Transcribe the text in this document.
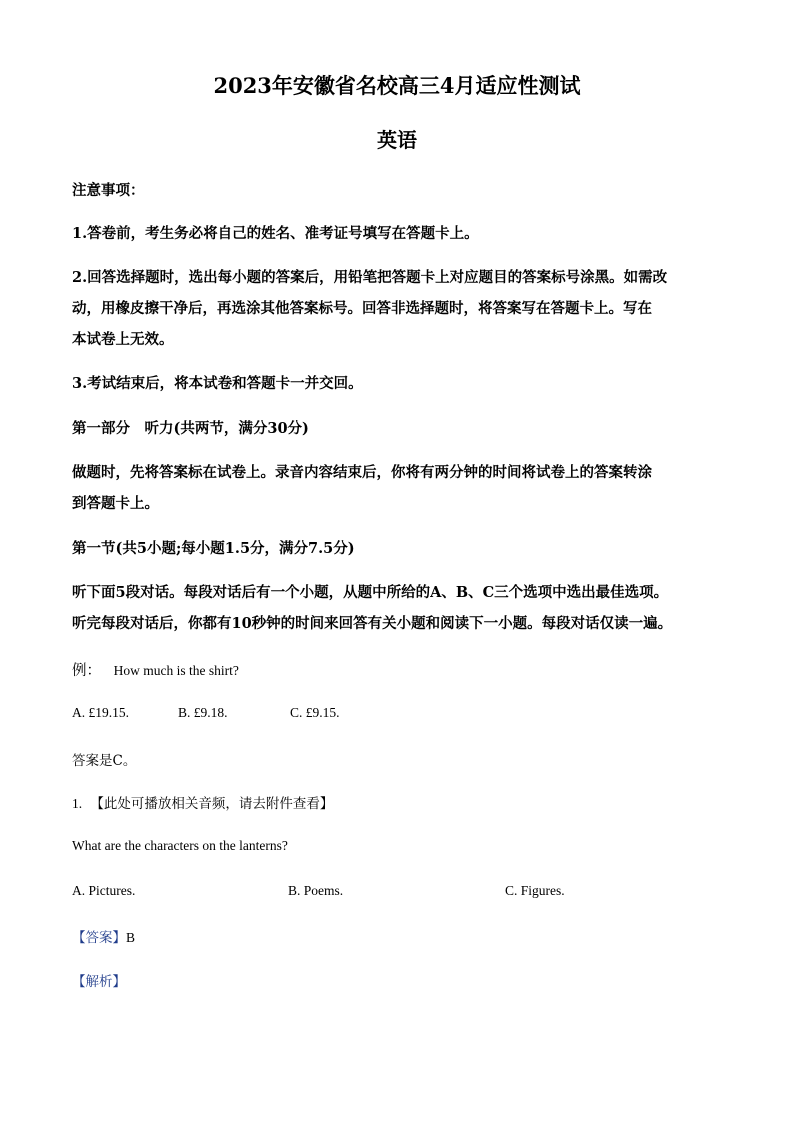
2023年安徽省名校高三4月适应性测试
英语
注意事项：
1.答卷前，考生务必将自己的姓名、准考证号填写在答题卡上。
2.回答选择题时，选出每小题的答案后，用铅笔把答题卡上对应题目的答案标号涂黑。如需改
动，用橡皮擦干净后，再选涂其他答案标号。回答非选择题时，将答案写在答题卡上。写在
本试卷上无效。
3.考试结束后，将本试卷和答题卡一并交回。
第一部分　听力(共两节，满分30分)
做题时，先将答案标在试卷上。录音内容结束后，你将有两分钟的时间将试卷上的答案转涂
到答题卡上。
第一节(共5小题;每小题1.5分，满分7.5分)
听下面5段对话。每段对话后有一个小题，从题中所给的A、B、C三个选项中选出最佳选项。
听完每段对话后，你都有10秒钟的时间来回答有关小题和阅读下一小题。每段对话仅读一遍。
例： How much is the shirt?
A. £19.15.	B. £9.18.	C. £9.15.
答案是C。
1. 【此处可播放相关音频，请去附件查看】
What are the characters on the lanterns?
A. Pictures.	B. Poems.	C. Figures.
【答案】B
【解析】
